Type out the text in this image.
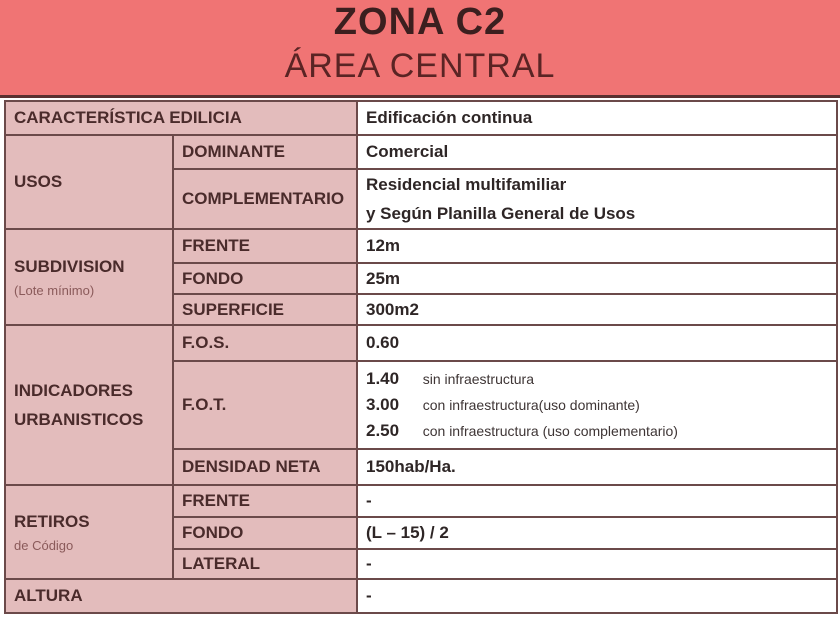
ZONA C2
ÁREA CENTRAL
CARACTERÍSTICA EDILICIA		Edificación continua
USOS	DOMINANTE	Comercial
	COMPLEMENTARIO	Residencial multifamiliar
y Según Planilla General de Usos

SUBDIVISION
(Lote mínimo)	FRENTE	12m
	FONDO	25m
	SUPERFICIE	300m2

INDICADORES
URBANISTICOS	F.O.S.	0.60
	F.O.T.	1.40 sin infraestructura
3.00 con infraestructura(uso dominante)
2.50 con infraestructura (uso complementario)

	DENSIDAD NETA	150hab/Ha.
RETIROS
de Código	FRENTE	-
	FONDO	(L – 15) / 2
	LATERAL	-
ALTURA		-
